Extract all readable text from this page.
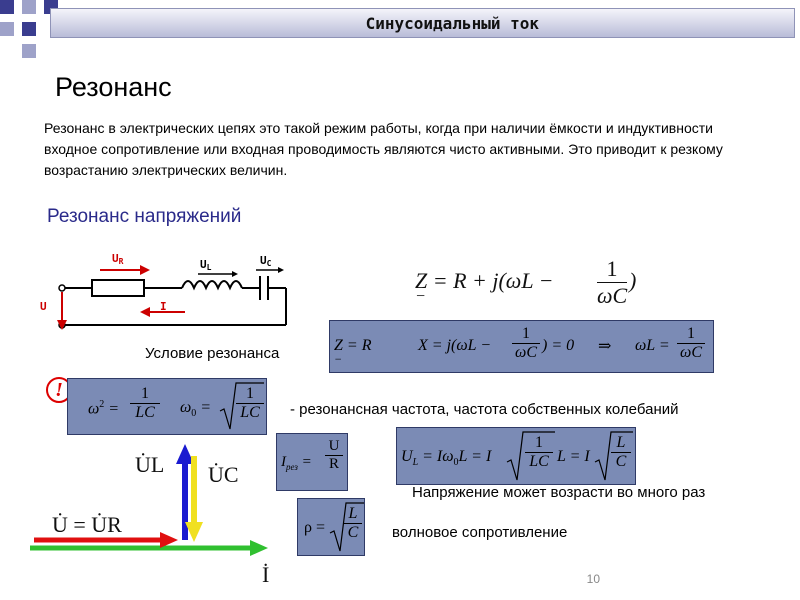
Синусоидальный ток
Резонанс
Резонанс в электрических цепях это такой режим работы, когда при наличии ёмкости и индуктивности входное сопротивление или входная проводимость являются чисто активными. Это приводит к резкому возрастанию электрических величин.
Резонанс напряжений
UR
U	I
UL
UC
Z = R + j(ωL −	1
ωC
)
−
Z = R
−
X = j(ωL −
1
ωC ) = 0 ⇒ ωL =
1
ωC
Условие резонанса
!
$\omega^2$ =
1
LC	$\omega_0$ =
1
LC - резонансная частота, частота собственных колебаний
$I_{рез}$ =
U
R	$U_L = I\omega_0L = I$
1
LC L = I
L
C
Напряжение может возрасти во много раз
ρ =
L
C волновое сопротивление
U̇L U̇C
U̇ = U̇R
İ	10
